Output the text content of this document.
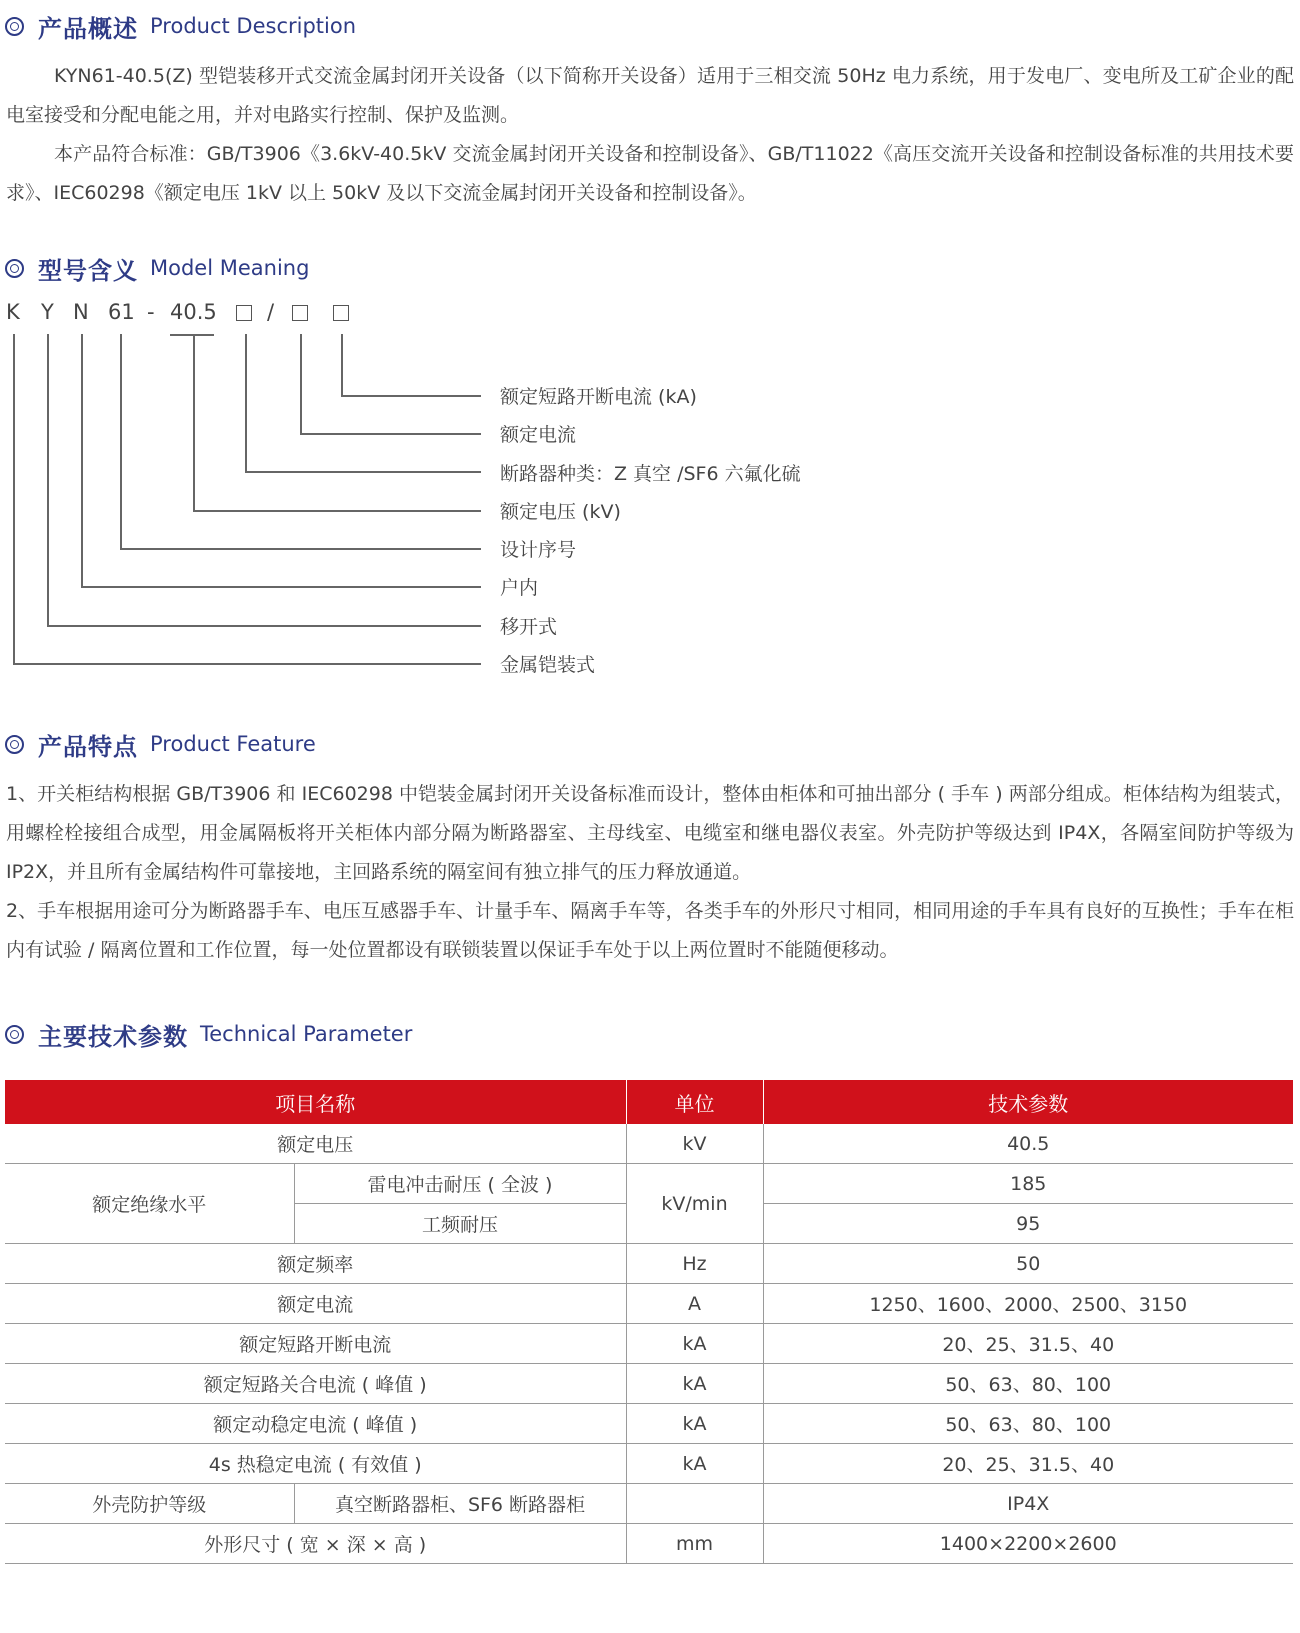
产品概述 Product Description

KYN61-40.5(Z) 型铠装移开式交流金属封闭开关设备（以下简称开关设备）适用于三相交流 50Hz 电力系统，用于发电厂、变电所及工矿企业的配电室接受和分配电能之用，并对电路实行控制、保护及监测。

本产品符合标准：GB/T3906《3.6kV-40.5kV 交流金属封闭开关设备和控制设备》、GB/T11022《高压交流开关设备和控制设备标准的共用技术要求》、IEC60298《额定电压 1kV 以上 50kV 及以下交流金属封闭开关设备和控制设备》。

型号含义 Model Meaning
K Y N 61 - 40.5 /
额定短路开断电流 (kA)
额定电流
断路器种类：Z 真空 /SF6 六氟化硫
额定电压 (kV)
设计序号
户内
移开式
金属铠装式
产品特点 Product Feature

1、开关柜结构根据 GB/T3906 和 IEC60298 中铠装金属封闭开关设备标准而设计，整体由柜体和可抽出部分 ( 手车 ) 两部分组成。柜体结构为组装式，用螺栓栓接组合成型，用金属隔板将开关柜体内部分隔为断路器室、主母线室、电缆室和继电器仪表室。外壳防护等级达到 IP4X，各隔室间防护等级为 IP2X，并且所有金属结构件可靠接地，主回路系统的隔室间有独立排气的压力释放通道。

2、手车根据用途可分为断路器手车、电压互感器手车、计量手车、隔离手车等，各类手车的外形尺寸相同，相同用途的手车具有良好的互换性；手车在柜内有试验 / 隔离位置和工作位置，每一处位置都设有联锁装置以保证手车处于以上两位置时不能随便移动。

主要技术参数 Technical Parameter
项目名称		单位	技术参数
额定电压		kV	40.5
额定绝缘水平	雷电冲击耐压 ( 全波 )	kV/min	185
	工频耐压		95
额定频率		Hz	50
额定电流		A	1250、1600、2000、2500、3150
额定短路开断电流		kA	20、25、31.5、40
额定短路关合电流 ( 峰值 )		kA	50、63、80、100
额定动稳定电流 ( 峰值 )		kA	50、63、80、100
4s 热稳定电流 ( 有效值 )		kA	20、25、31.5、40
外壳防护等级	真空断路器柜、SF6 断路器柜		IP4X
外形尺寸 ( 宽 × 深 × 高 )		mm	1400×2200×2600
